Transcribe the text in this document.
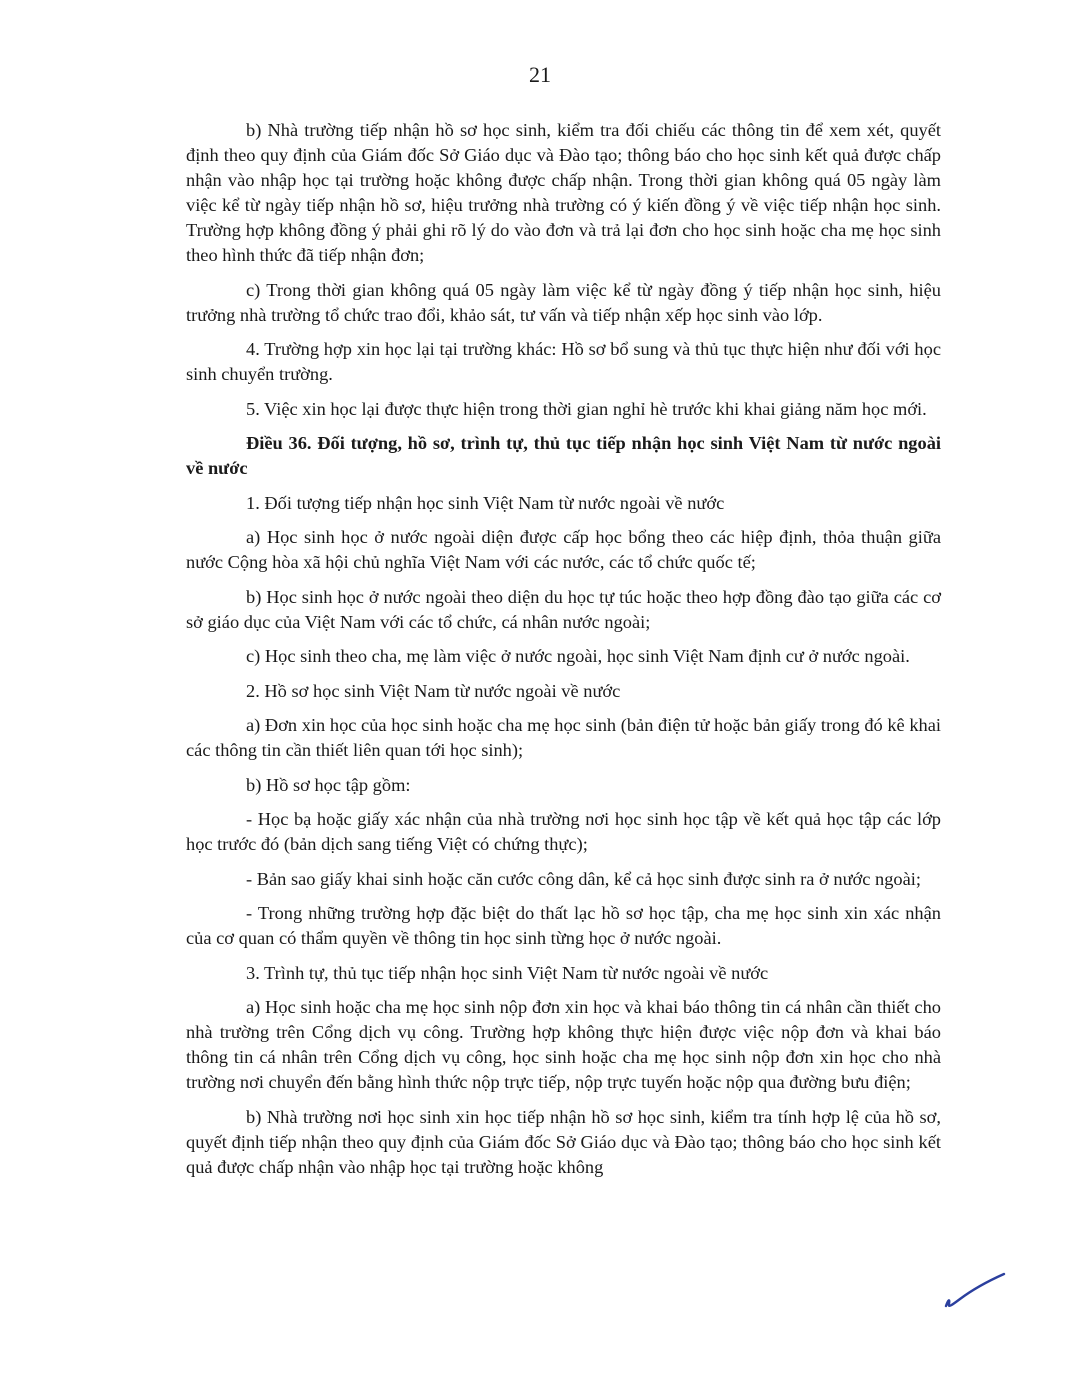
21

b) Nhà trường tiếp nhận hồ sơ học sinh, kiểm tra đối chiếu các thông tin để xem xét, quyết định theo quy định của Giám đốc Sở Giáo dục và Đào tạo; thông báo cho học sinh kết quả được chấp nhận vào nhập học tại trường hoặc không được chấp nhận. Trong thời gian không quá 05 ngày làm việc kể từ ngày tiếp nhận hồ sơ, hiệu trưởng nhà trường có ý kiến đồng ý về việc tiếp nhận học sinh. Trường hợp không đồng ý phải ghi rõ lý do vào đơn và trả lại đơn cho học sinh hoặc cha mẹ học sinh theo hình thức đã tiếp nhận đơn;

c) Trong thời gian không quá 05 ngày làm việc kể từ ngày đồng ý tiếp nhận học sinh, hiệu trưởng nhà trường tổ chức trao đổi, khảo sát, tư vấn và tiếp nhận xếp học sinh vào lớp.

4. Trường hợp xin học lại tại trường khác: Hồ sơ bổ sung và thủ tục thực hiện như đối với học sinh chuyển trường.

5. Việc xin học lại được thực hiện trong thời gian nghỉ hè trước khi khai giảng năm học mới.

Điều 36. Đối tượng, hồ sơ, trình tự, thủ tục tiếp nhận học sinh Việt Nam từ nước ngoài về nước

1. Đối tượng tiếp nhận học sinh Việt Nam từ nước ngoài về nước

a) Học sinh học ở nước ngoài diện được cấp học bổng theo các hiệp định, thỏa thuận giữa nước Cộng hòa xã hội chủ nghĩa Việt Nam với các nước, các tổ chức quốc tế;

b) Học sinh học ở nước ngoài theo diện du học tự túc hoặc theo hợp đồng đào tạo giữa các cơ sở giáo dục của Việt Nam với các tổ chức, cá nhân nước ngoài;

c) Học sinh theo cha, mẹ làm việc ở nước ngoài, học sinh Việt Nam định cư ở nước ngoài.

2. Hồ sơ học sinh Việt Nam từ nước ngoài về nước

a) Đơn xin học của học sinh hoặc cha mẹ học sinh (bản điện tử hoặc bản giấy trong đó kê khai các thông tin cần thiết liên quan tới học sinh);

b) Hồ sơ học tập gồm:

- Học bạ hoặc giấy xác nhận của nhà trường nơi học sinh học tập về kết quả học tập các lớp học trước đó (bản dịch sang tiếng Việt có chứng thực);

- Bản sao giấy khai sinh hoặc căn cước công dân, kể cả học sinh được sinh ra ở nước ngoài;

- Trong những trường hợp đặc biệt do thất lạc hồ sơ học tập, cha mẹ học sinh xin xác nhận của cơ quan có thẩm quyền về thông tin học sinh từng học ở nước ngoài.

3. Trình tự, thủ tục tiếp nhận học sinh Việt Nam từ nước ngoài về nước

a) Học sinh hoặc cha mẹ học sinh nộp đơn xin học và khai báo thông tin cá nhân cần thiết cho nhà trường trên Cổng dịch vụ công. Trường hợp không thực hiện được việc nộp đơn và khai báo thông tin cá nhân trên Cổng dịch vụ công, học sinh hoặc cha mẹ học sinh nộp đơn xin học cho nhà trường nơi chuyển đến bằng hình thức nộp trực tiếp, nộp trực tuyến hoặc nộp qua đường bưu điện;

b) Nhà trường nơi học sinh xin học tiếp nhận hồ sơ học sinh, kiểm tra tính hợp lệ của hồ sơ, quyết định tiếp nhận theo quy định của Giám đốc Sở Giáo dục và Đào tạo; thông báo cho học sinh kết quả được chấp nhận vào nhập học tại trường hoặc không
